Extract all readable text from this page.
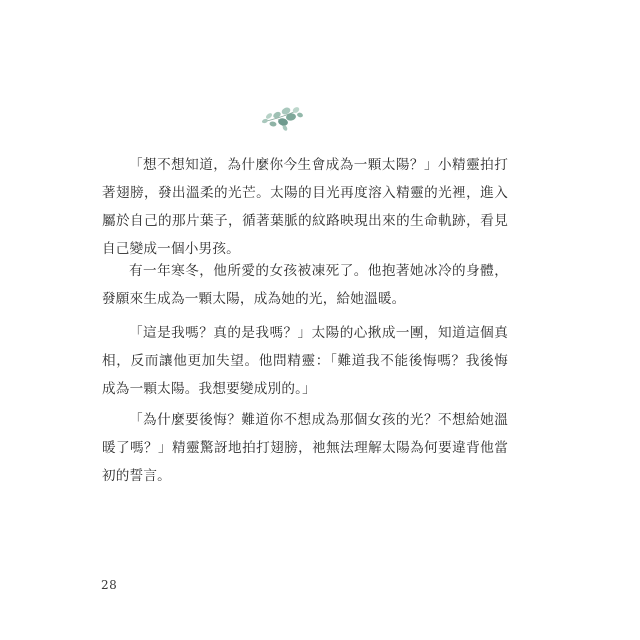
「想不想知道，為什麼你今生會成為一顆太陽？」小精靈拍打著翅膀，發出溫柔的光芒。太陽的目光再度溶入精靈的光裡，進入屬於自己的那片葉子，循著葉脈的紋路映現出來的生命軌跡，看見自己變成一個小男孩。

有一年寒冬，他所愛的女孩被凍死了。他抱著她冰冷的身體，發願來生成為一顆太陽，成為她的光，給她溫暖。

「這是我嗎？真的是我嗎？」太陽的心揪成一團，知道這個真相，反而讓他更加失望。他問精靈：「難道我不能後悔嗎？我後悔成為一顆太陽。我想要變成別的。」

「為什麼要後悔？難道你不想成為那個女孩的光？不想給她溫暖了嗎？」精靈驚訝地拍打翅膀，祂無法理解太陽為何要違背他當初的誓言。

28
